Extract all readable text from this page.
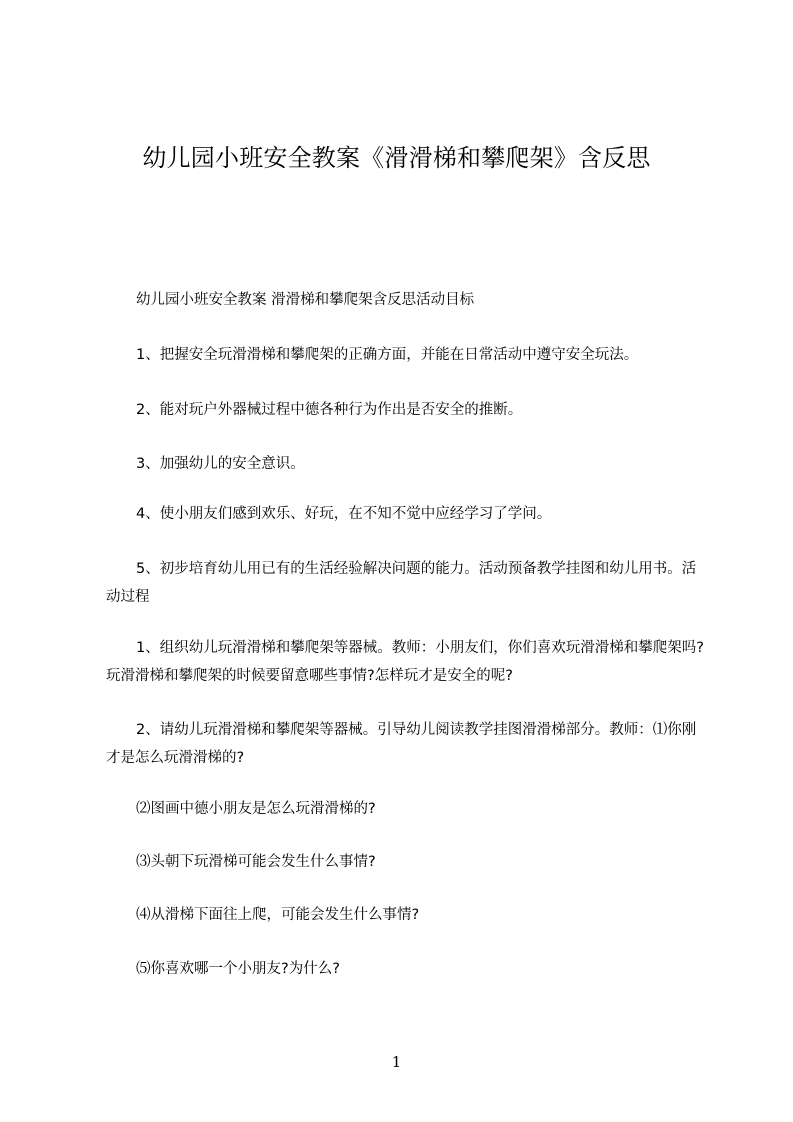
幼儿园小班安全教案《滑滑梯和攀爬架》含反思

幼儿园小班安全教案 滑滑梯和攀爬架含反思活动目标

1、把握安全玩滑滑梯和攀爬架的正确方面，并能在日常活动中遵守安全玩法。

2、能对玩户外器械过程中德各种行为作出是否安全的推断。

3、加强幼儿的安全意识。

4、使小朋友们感到欢乐、好玩，在不知不觉中应经学习了学问。

5、初步培育幼儿用已有的生活经验解决问题的能力。活动预备教学挂图和幼儿用书。活动过程

1、组织幼儿玩滑滑梯和攀爬架等器械。教师：小朋友们，你们喜欢玩滑滑梯和攀爬架吗?玩滑滑梯和攀爬架的时候要留意哪些事情?怎样玩才是安全的呢?

2、请幼儿玩滑滑梯和攀爬架等器械。引导幼儿阅读教学挂图滑滑梯部分。教师：⑴你刚才是怎么玩滑滑梯的?

⑵图画中德小朋友是怎么玩滑滑梯的?

⑶头朝下玩滑梯可能会发生什么事情?

⑷从滑梯下面往上爬，可能会发生什么事情?

⑸你喜欢哪一个小朋友?为什么?

1
